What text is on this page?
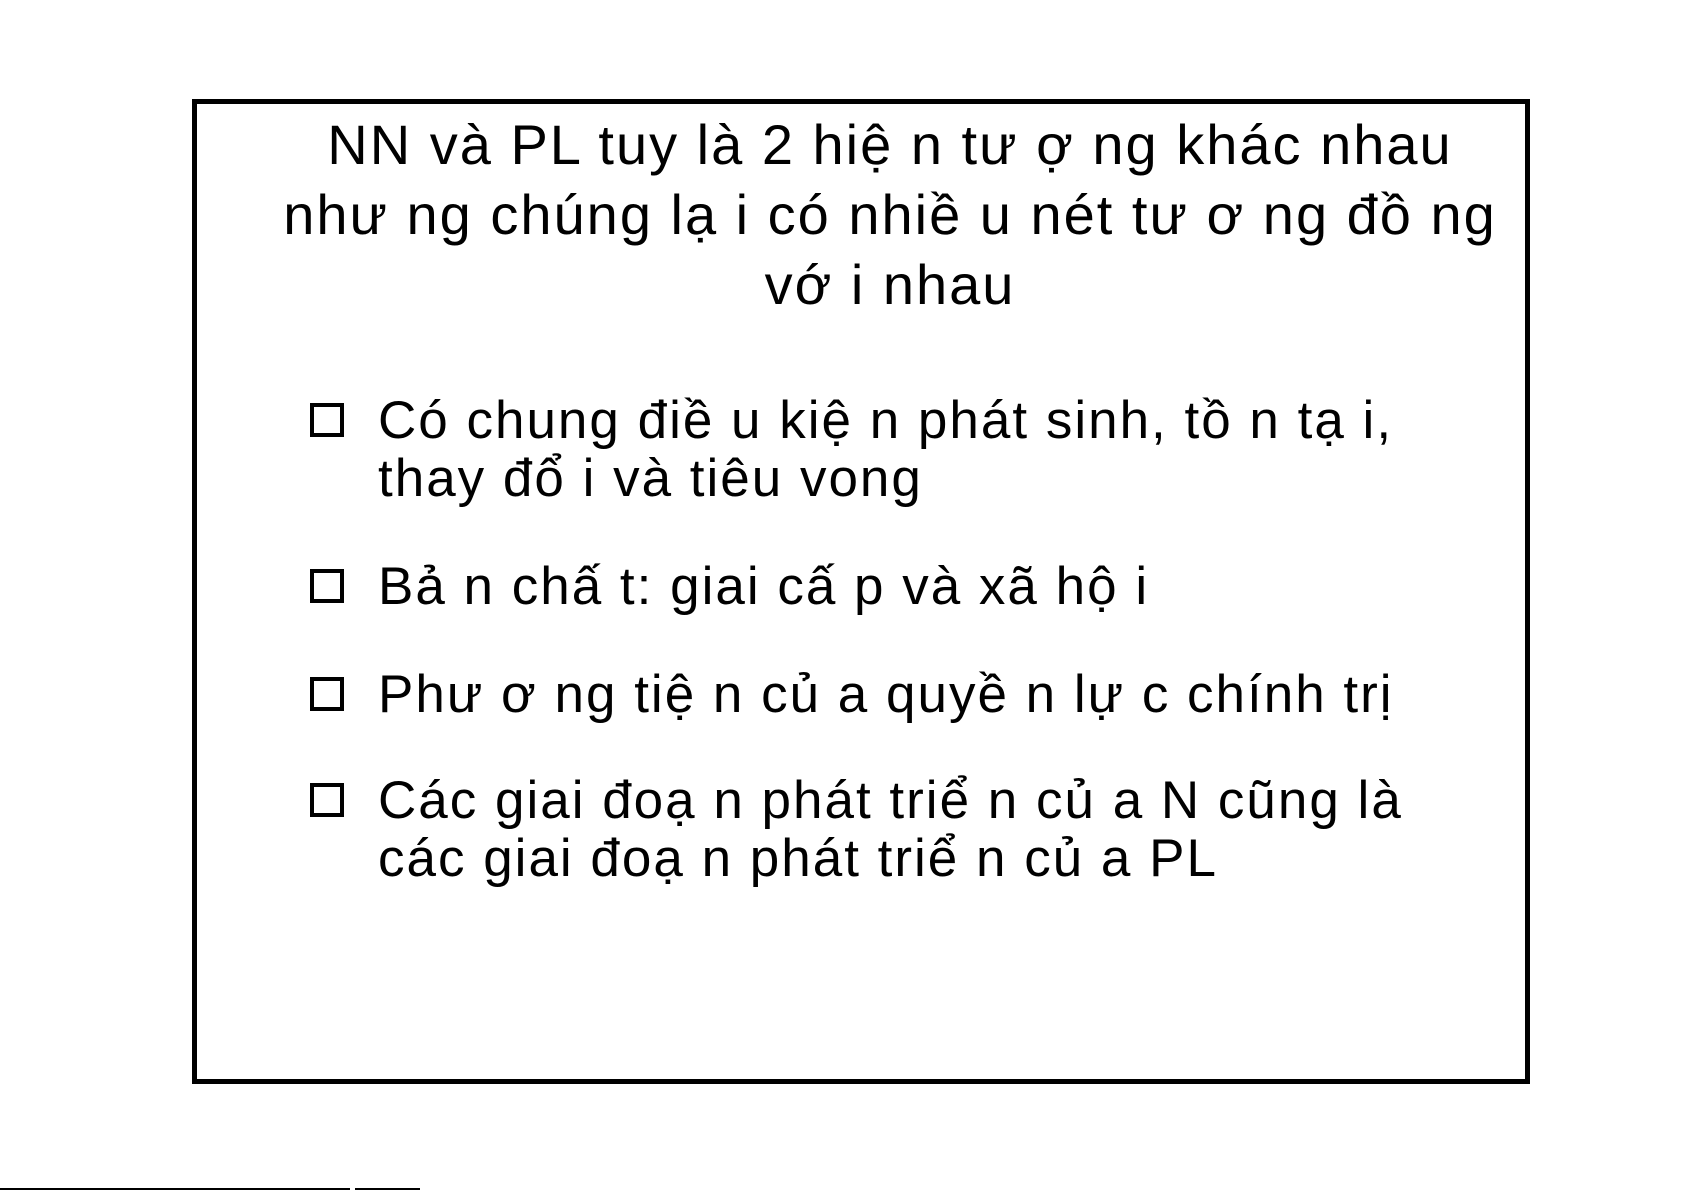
NN và PL tuy là 2 hiệ n tư ợ ng khác nhau
như ng chúng lạ i có nhiề u nét tư ơ ng đồ ng
vớ i nhau
Có chung điề u kiệ n phát sinh, tồ n tạ i,
thay đổ i và tiêu vong
Bả n chấ t: giai cấ p và xã hộ i
Phư ơ ng tiệ n củ a quyề n lự c chính trị
Các giai đoạ n phát triể n củ a N cũng là
các giai đoạ n phát triể n củ a PL
